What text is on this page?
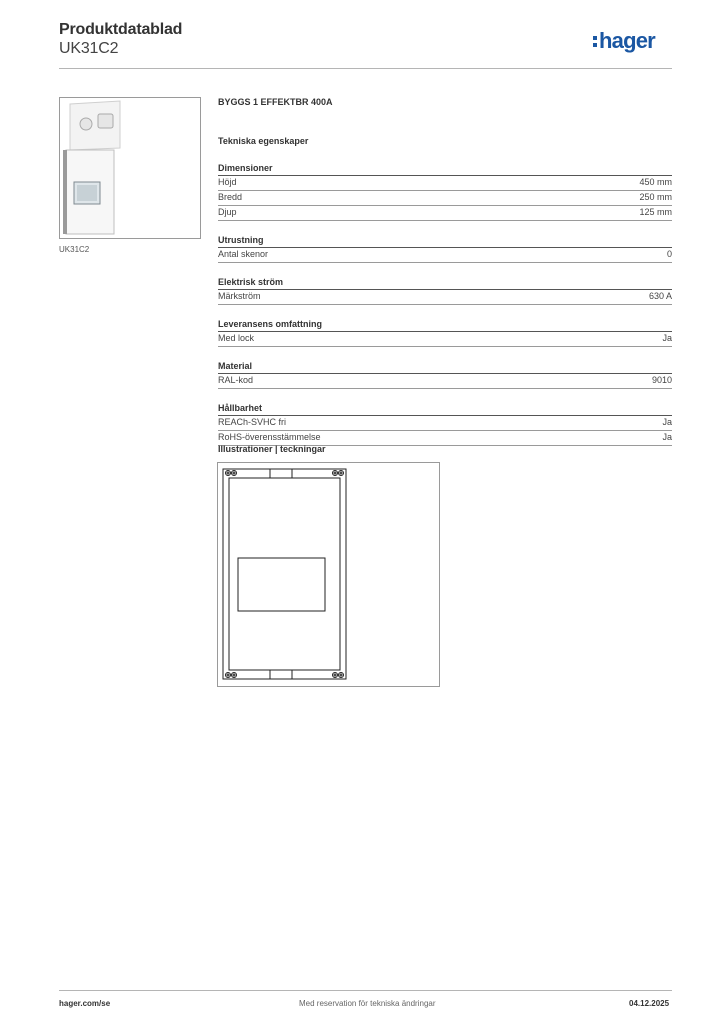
Produktdatablad
UK31C2	hager
UK31C2
BYGGS 1 EFFEKTBR 400A
Tekniska egenskaper
Dimensioner
Höjd	450 mm
Bredd	250 mm
Djup	125 mm
Utrustning
Antal skenor	0
Elektrisk ström
Märkström	630 A
Leveransens omfattning
Med lock	Ja
Material
RAL-kod	9010
Hållbarhet
REACh-SVHC fri	Ja
RoHS-överensstämmelse	Ja
Illustrationer | teckningar
hager.com/se	Med reservation för tekniska ändringar	04.12.2025
